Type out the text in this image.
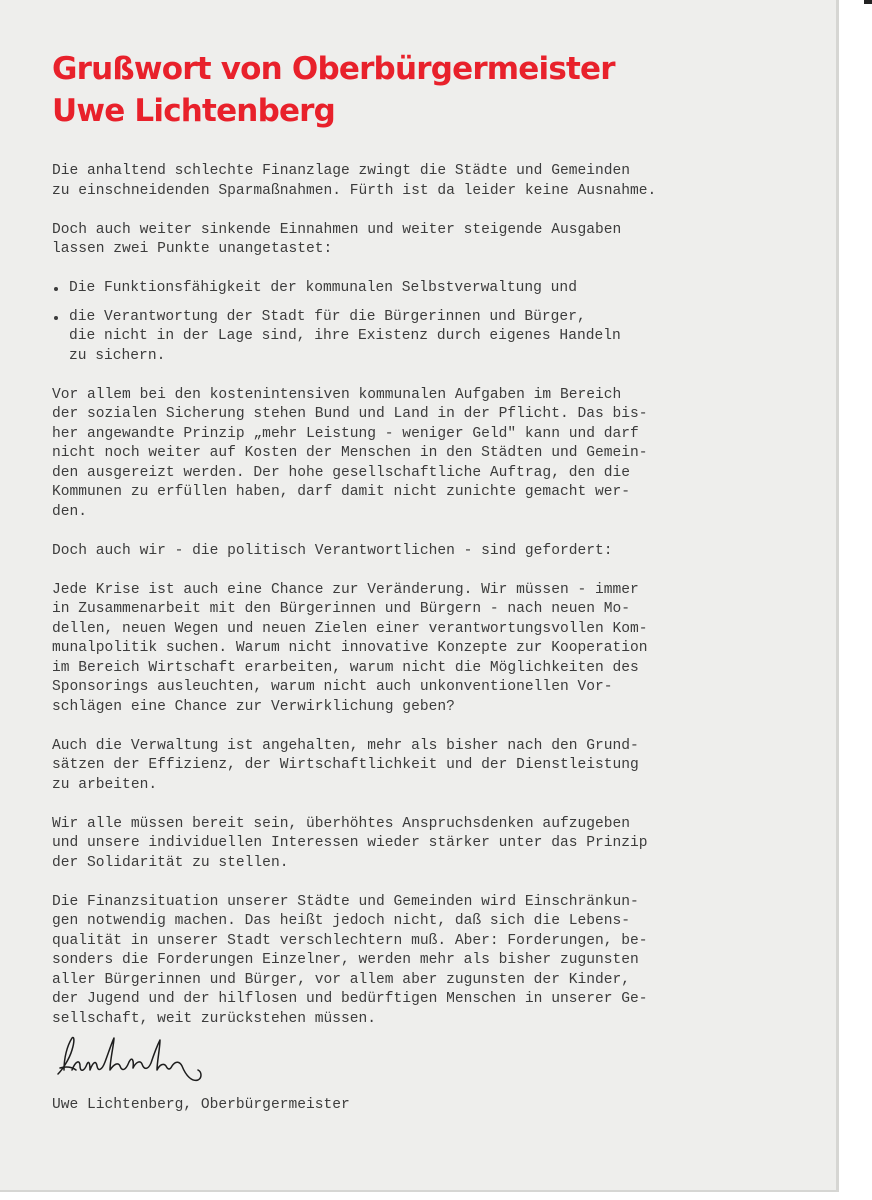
Grußwort von Oberbürgermeister
Uwe Lichtenberg

Die anhaltend schlechte Finanzlage zwingt die Städte und Gemeinden
zu einschneidenden Sparmaßnahmen. Fürth ist da leider keine Ausnahme.

Doch auch weiter sinkende Einnahmen und weiter steigende Ausgaben
lassen zwei Punkte unangetastet:

Die Funktionsfähigkeit der kommunalen Selbstverwaltung und
die Verantwortung der Stadt für die Bürgerinnen und Bürger,
die nicht in der Lage sind, ihre Existenz durch eigenes Handeln
zu sichern.

Vor allem bei den kostenintensiven kommunalen Aufgaben im Bereich
der sozialen Sicherung stehen Bund und Land in der Pflicht. Das bis-
her angewandte Prinzip „mehr Leistung - weniger Geld" kann und darf
nicht noch weiter auf Kosten der Menschen in den Städten und Gemein-
den ausgereizt werden. Der hohe gesellschaftliche Auftrag, den die
Kommunen zu erfüllen haben, darf damit nicht zunichte gemacht wer-
den.

Doch auch wir - die politisch Verantwortlichen - sind gefordert:

Jede Krise ist auch eine Chance zur Veränderung. Wir müssen - immer
in Zusammenarbeit mit den Bürgerinnen und Bürgern - nach neuen Mo-
dellen, neuen Wegen und neuen Zielen einer verantwortungsvollen Kom-
munalpolitik suchen. Warum nicht innovative Konzepte zur Kooperation
im Bereich Wirtschaft erarbeiten, warum nicht die Möglichkeiten des
Sponsorings ausleuchten, warum nicht auch unkonventionellen Vor-
schlägen eine Chance zur Verwirklichung geben?

Auch die Verwaltung ist angehalten, mehr als bisher nach den Grund-
sätzen der Effizienz, der Wirtschaftlichkeit und der Dienstleistung
zu arbeiten.

Wir alle müssen bereit sein, überhöhtes Anspruchsdenken aufzugeben
und unsere individuellen Interessen wieder stärker unter das Prinzip
der Solidarität zu stellen.

Die Finanzsituation unserer Städte und Gemeinden wird Einschränkun-
gen notwendig machen. Das heißt jedoch nicht, daß sich die Lebens-
qualität in unserer Stadt verschlechtern muß. Aber: Forderungen, be-
sonders die Forderungen Einzelner, werden mehr als bisher zugunsten
aller Bürgerinnen und Bürger, vor allem aber zugunsten der Kinder,
der Jugend und der hilflosen und bedürftigen Menschen in unserer Ge-
sellschaft, weit zurückstehen müssen.

Uwe Lichtenberg, Oberbürgermeister
